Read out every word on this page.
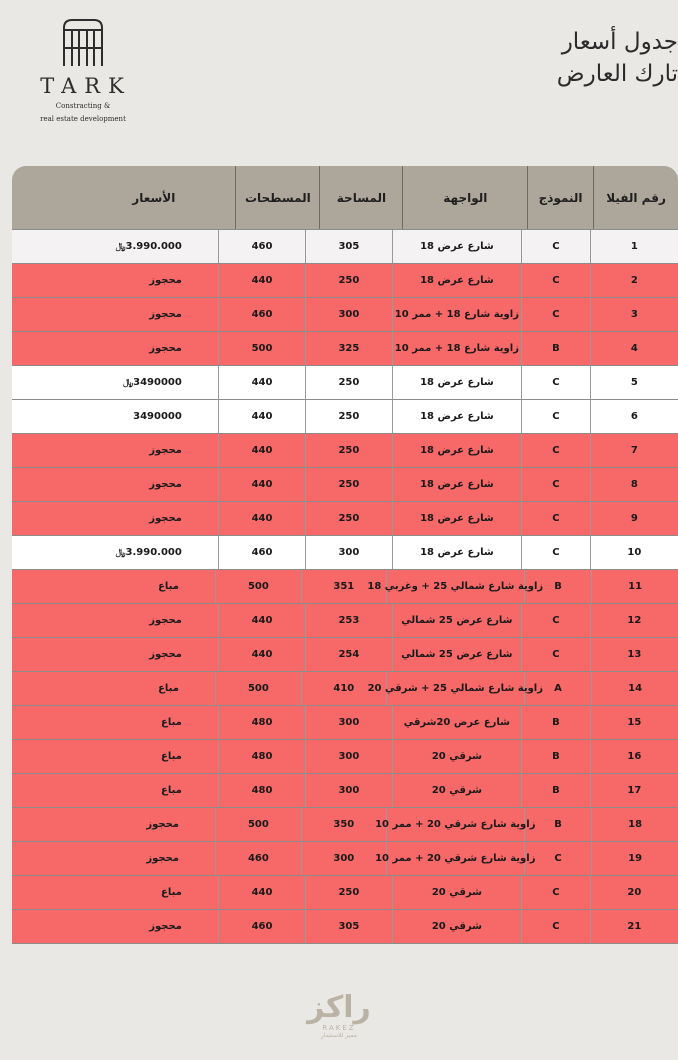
TARK
Constracting &
real estate development
جدول أسعار
تارك العارض
رقم الفيلا
النموذج
الواجهة
المساحة
المسطحات
الأسعار
1
C
شارع عرض 18
305
460
3.990.000
﷼
2
C
شارع عرض 18
250
440
محجوز
3
C
زاوية شارع 18 + ممر 10
300
460
محجوز
4
B
زاوية شارع 18 + ممر 10
325
500
محجوز
5
C
شارع عرض 18
250
440
3490000
﷼
6
C
شارع عرض 18
250
440
3490000
7
C
شارع عرض 18
250
440
محجوز
8
C
شارع عرض 18
250
440
محجوز
9
C
شارع عرض 18
250
440
محجوز
10
C
شارع عرض 18
300
460
3.990.000
﷼
11
B
زاوية شارع شمالي 25 + وغربي 18
351
500
مباع
12
C
شارع عرض 25 شمالي
253
440
محجوز
13
C
شارع عرض 25 شمالي
254
440
محجوز
14
A
زاوية شارع شمالي 25 + شرقي 20
410
500
مباع
15
B
شارع عرض 20شرقي
300
480
مباع
16
B
شرقي 20
300
480
مباع
17
B
شرقي 20
300
480
مباع
18
B
زاوية شارع شرقي 20 + ممر 10
350
500
محجوز
19
C
زاوية شارع شرقي 20 + ممر 10
300
460
محجوز
20
C
شرقي 20
250
440
مباع
21
C
شرقي 20
305
460
محجوز
راكز
RAKEZ
مميز للاستثمار
